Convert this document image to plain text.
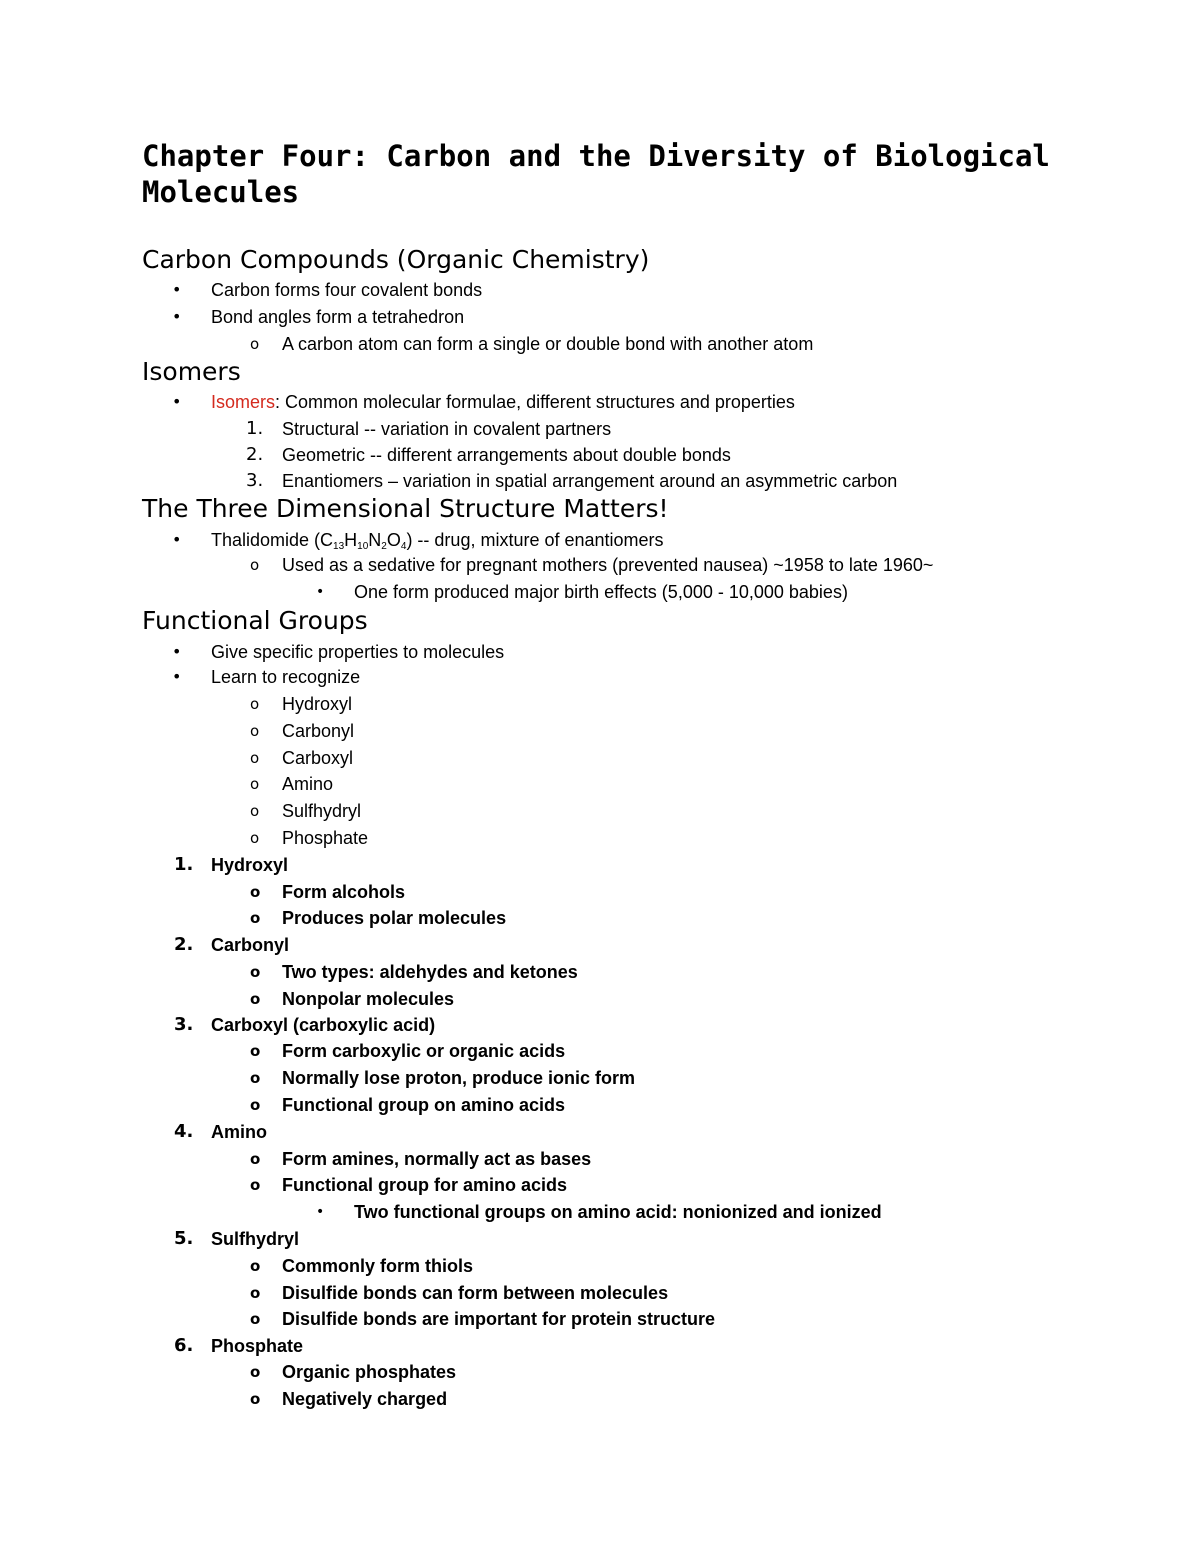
Chapter Four: Carbon and the Diversity of Biological Molecules
Carbon Compounds (Organic Chemistry)
•	Carbon forms four covalent bonds
•	Bond angles form a tetrahedron
o	A carbon atom can form a single or double bond with another atom
Isomers
•	Isomers: Common molecular formulae, different structures and properties
1.	Structural -- variation in covalent partners
2.	Geometric -- different arrangements about double bonds
3.	Enantiomers – variation in spatial arrangement around an asymmetric carbon
The Three Dimensional Structure Matters!
•	Thalidomide $(C_{13}H_{10}N_2O_4)$ -- drug, mixture of enantiomers
o	Used as a sedative for pregnant mothers (prevented nausea) ~1958 to late 1960~
•	One form produced major birth effects (5,000 - 10,000 babies)
Functional Groups
•	Give specific properties to molecules
•	Learn to recognize
o	Hydroxyl
o	Carbonyl
o	Carboxyl
o	Amino
o	Sulfhydryl
o	Phosphate
1. Hydroxyl
o	Form alcohols
o	Produces polar molecules
2. Carbonyl
o	Two types: aldehydes and ketones
o	Nonpolar molecules
3. Carboxyl (carboxylic acid)
o	Form carboxylic or organic acids
o	Normally lose proton, produce ionic form
o	Functional group on amino acids
4. Amino
o	Form amines, normally act as bases
o	Functional group for amino acids
•	Two functional groups on amino acid: nonionized and ionized
5. Sulfhydryl
o	Commonly form thiols
o	Disulfide bonds can form between molecules
o	Disulfide bonds are important for protein structure
6. Phosphate
o	Organic phosphates
o	Negatively charged
